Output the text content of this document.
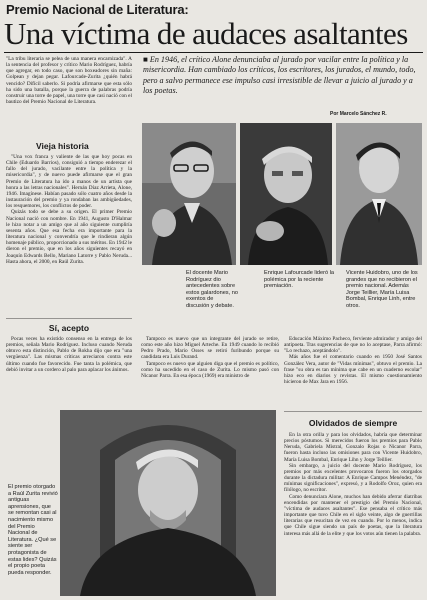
Premio Nacional de Literatura:
Una víctima de audaces asaltantes
"La tribu literaria se pelea de una manera encarnizada". A la sentencia del profesor y crítico Mario Rodríguez, habría que agregar, en todo caso, que son boxeadores sin maña: Golpean y dejan pegar. Lafourcade-Zurita ¿quién habrá vencido? Difícil saberlo. Si podría afirmarse que esta sólo ha sido una batalla, porque la guerra de palabras podría construir una torre de papel, una torre que casi nació con el bautizo del Premio Nacional de Literatura.
■ En 1946, el crítico Alone denunciaba al jurado por vacilar entre la política y la misericordia. Han cambiado los críticos, los escritores, los jurados, el mundo, todo, pero a salvo permanece ese impulso casi irresistible de llevar a juicio al jurado y a los poetas.
Por Marcelo Sánchez R.
Vieja historia

"Una vox franca y valiente de las que hoy pocas en Chile (Eduardo Barrios), consiguió a tiempo enderezar el fallo del jurado, vacilante entre la política y la misericordia", y de nuevo puede afirmarse que el gran Premio de Literatura ha ido a manos de un artista que honra a las letras nacionales". Hernán Díaz Arrieta, Alone, 1946. Imagínese. Habían pasado sólo cuatro años desde la instauración del premio y ya rondaban las ambigüedades, los resquemores, los conflictos de poder.

Quizás todo se debe a su origen. El primer Premio Nacional nació con nombre. En 1941, Augusto D'Halmar le hizo notar a un amigo que al año siguiente cumpliría sesenta años. Que esa fecha era importante para la literatura nacional y convendría que le rindieran algún homenaje público, proporcionado a sus méritos. En 1942 le dieron el premio, que en los años siguientes recayó en Joaquín Edwards Bello, Mariano Latorre y Pablo Neruda... Hasta ahora, el 2000, en Raúl Zurita.

Sí, acepto

Pocas veces ha existido consenso en la entrega de los premios, señala Mario Rodríguez. Incluso cuando Neruda obtuvo esta distinción, Pablo de Rokha dijo que era "una vergüenza". Las mismas críticas arreciaron contra este último cuando fue favorecido. Fue tanta la polémica, que debió invitar a un cordero al palo para aplacar los ánimos.

El docente Mario Rodríguez dio antecedentes sobre estos galardones, no exentos de discusión y debate.
Enrique Lafourcade lideró la polémica por la reciente premiación.
Vicente Huidobro, uno de los grandes que no recibieron el premio nacional. Además Jorge Teillier, María Luisa Bombal, Enrique Linh, entre otros.

Tampoco es nuevo que un integrante del jurado se retire, como este año hizo Miguel Arteche. En 1949 cuando lo recibió Pedro Prado, Mario Osses se retiró furibundo porque su candidata era Luis Durand.

Tampoco es nuevo que alguien diga que el premio es político, como ha sucedido en el caso de Zurita. Lo mismo pasó con Nicanor Parra. En esa época (1969) era ministro de

Educación Máximo Pacheco, ferviente admirador y amigo del antipoeta. Tras sugerencias de que no lo aceptase, Parra afirmó: "Lo rechazo, aceptándolo".

Más años fue el comentario cuando en 1950 José Santos González Vera, autor de "Vidas mínimas", obtuvo el premio. La frase "su obra es tan mínima que cabe en un cuaderno escolar" hizo eco en diarios y revistas. El mismo cuestionamiento hicieron de Max Jara en 1956.

El premio otorgado a Raúl Zurita revivió antiguas aprensiones, que se remontan casi al nacimiento mismo del Premio Nacional de Literatura. ¿Qué se siente ser protagonista de estas lides? Quizás el propio poeta pueda responder.
Olvidados de siempre

En la otra orilla y para los olvidados, habría que determinar precios póstumos. Si merecidos fueron los premios para Pablo Neruda, Gabriela Mistral, Gonzalo Rojas o Nicanor Parra, fueron hasta incluso las omisiones para con Vicente Huidobro, María Luisa Bombal, Enrique Lihn y Jorge Teillier.

Sin embargo, a juicio del docente Mario Rodríguez, los premios por más excelentes provocaron fueron los otorgados durante la dictadura militar: A Enrique Campos Menéndez, "de mínimas significaciones", expresó, y a Rodolfo Oroz, quien era filólogo, no escritor.

Como denunciara Alone, muchos han debido aferrar diatribas encendidas por mantener el prestigio del Premio Nacional, "víctima de audaces asaltantes". Ese pensaba el crítico más importante que tuvo Chile en el siglo veinte, algo de guerrillas literarias que resucitan de vez en cuando. Por lo menos, indica que Chile sigue siendo un país de poetas, que la literatura interesa más allá de la elite y que los votos aún tienen la palabra.
